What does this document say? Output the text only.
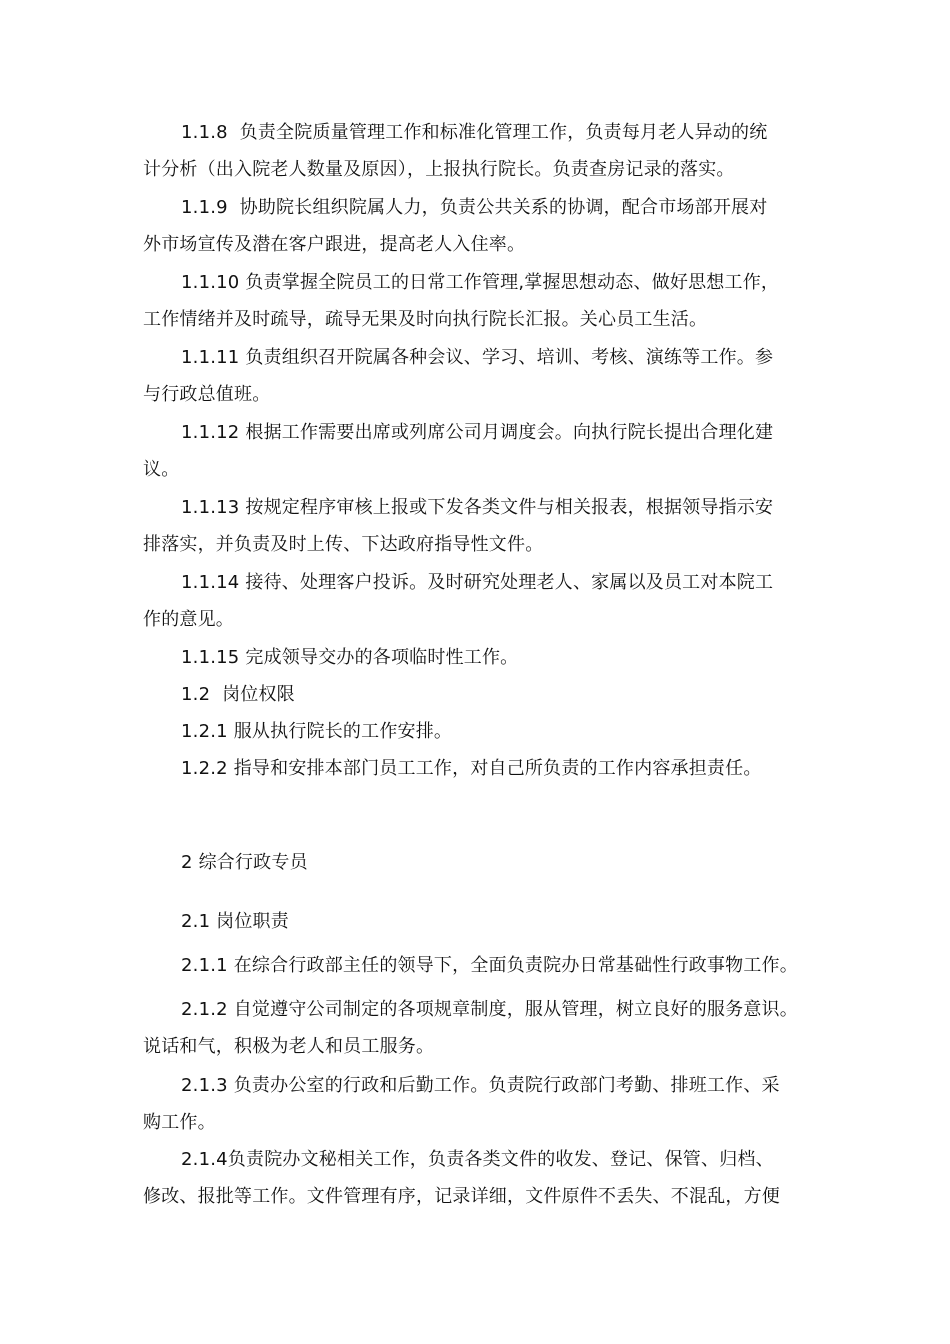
1.1.8  负责全院质量管理工作和标准化管理工作，负责每月老人异动的统
计分析（出入院老人数量及原因），上报执行院长。负责查房记录的落实。
1.1.9  协助院长组织院属人力，负责公共关系的协调，配合市场部开展对
外市场宣传及潜在客户跟进，提高老人入住率。
1.1.10 负责掌握全院员工的日常工作管理,掌握思想动态、做好思想工作，
工作情绪并及时疏导，疏导无果及时向执行院长汇报。关心员工生活。
1.1.11 负责组织召开院属各种会议、学习、培训、考核、演练等工作。参
与行政总值班。
1.1.12 根据工作需要出席或列席公司月调度会。向执行院长提出合理化建
议。
1.1.13 按规定程序审核上报或下发各类文件与相关报表，根据领导指示安
排落实，并负责及时上传、下达政府指导性文件。
1.1.14 接待、处理客户投诉。及时研究处理老人、家属以及员工对本院工
作的意见。
1.1.15 完成领导交办的各项临时性工作。
1.2  岗位权限
1.2.1 服从执行院长的工作安排。
1.2.2 指导和安排本部门员工工作，对自己所负责的工作内容承担责任。
2 综合行政专员
2.1 岗位职责
2.1.1 在综合行政部主任的领导下，全面负责院办日常基础性行政事物工作。
2.1.2 自觉遵守公司制定的各项规章制度，服从管理，树立良好的服务意识。
说话和气，积极为老人和员工服务。
2.1.3 负责办公室的行政和后勤工作。负责院行政部门考勤、排班工作、采
购工作。
2.1.4负责院办文秘相关工作，负责各类文件的收发、登记、保管、归档、
修改、报批等工作。文件管理有序，记录详细，文件原件不丢失、不混乱，方便
